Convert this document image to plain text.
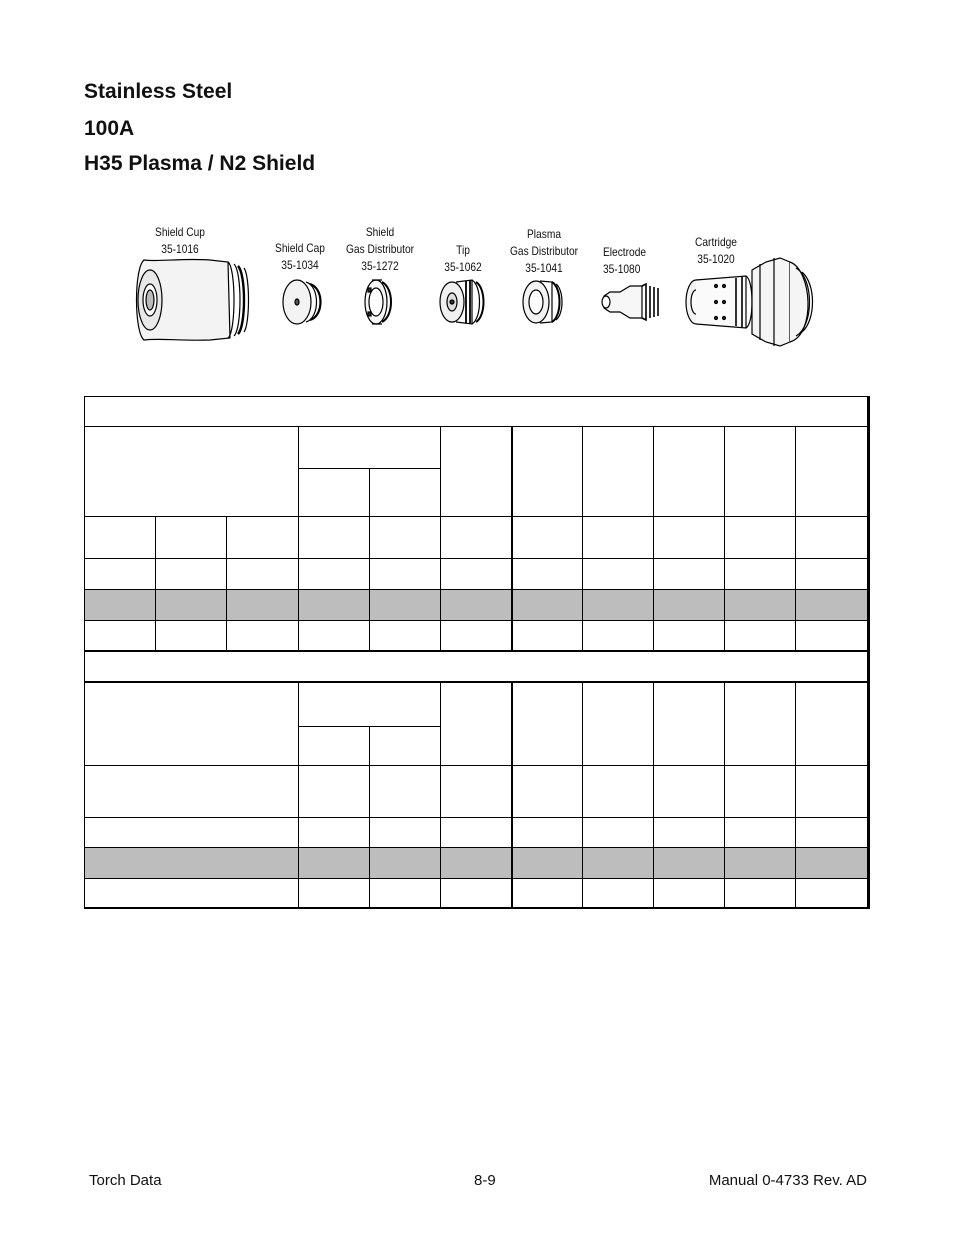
Stainless Steel
100A
H35 Plasma / N2 Shield
Shield Cup
35-1016	Shield Cap
35-1034
Shield
Gas Distributor
35-1272
Tip
35-1062
Plasma
Gas Distributor
35-1041
Electrode
35-1080
Cartridge
35-1020

Torch Data	8-9	Manual 0-4733 Rev. AD
